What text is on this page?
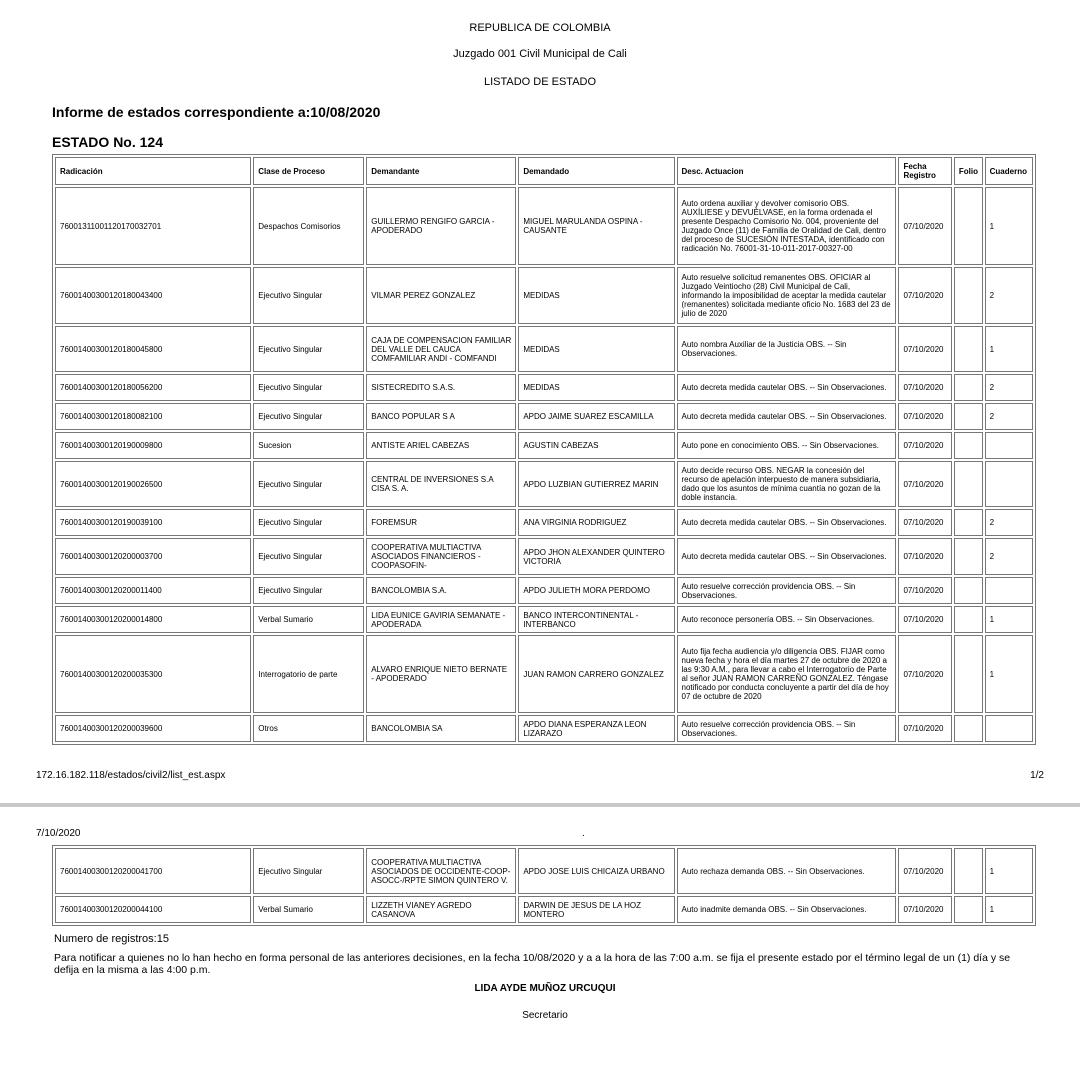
REPUBLICA DE COLOMBIA
Juzgado 001 Civil Municipal de Cali
LISTADO DE ESTADO
Informe de estados correspondiente a:10/08/2020
ESTADO No. 124
Radicación	Clase de Proceso	Demandante	Demandado	Desc. Actuacion	Fecha Registro	Folio	Cuaderno
76001311001120170032701	Despachos Comisorios	GUILLERMO RENGIFO GARCIA - APODERADO	MIGUEL MARULANDA OSPINA - CAUSANTE	Auto ordena auxiliar y devolver comisorio OBS. AUXÍLIESE y DEVUÉLVASE, en la forma ordenada el presente Despacho Comisorio No. 004, proveniente del Juzgado Once (11) de Familia de Oralidad de Cali, dentro del proceso de SUCESIÓN INTESTADA, identificado con radicación No. 76001-31-10-011-2017-00327-00	07/10/2020		1
76001400300120180043400	Ejecutivo Singular	VILMAR PEREZ GONZALEZ	MEDIDAS	Auto resuelve solicitud remanentes OBS. OFICIAR al Juzgado Veintiocho (28) Civil Municipal de Cali, informando la imposibilidad de aceptar la medida cautelar (remanentes) solicitada mediante oficio No. 1683 del 23 de julio de 2020	07/10/2020		2
76001400300120180045800	Ejecutivo Singular	CAJA DE COMPENSACION FAMILIAR DEL VALLE DEL CAUCA COMFAMILIAR ANDI - COMFANDI	MEDIDAS	Auto nombra Auxiliar de la Justicia OBS. -- Sin Observaciones.	07/10/2020		1
76001400300120180056200	Ejecutivo Singular	SISTECREDITO S.A.S.	MEDIDAS	Auto decreta medida cautelar OBS. -- Sin Observaciones.	07/10/2020		2
76001400300120180082100	Ejecutivo Singular	BANCO POPULAR S A	APDO JAIME SUAREZ ESCAMILLA	Auto decreta medida cautelar OBS. -- Sin Observaciones.	07/10/2020		2
76001400300120190009800	Sucesion	ANTISTE ARIEL CABEZAS	AGUSTIN CABEZAS	Auto pone en conocimiento OBS. -- Sin Observaciones.	07/10/2020		
76001400300120190026500	Ejecutivo Singular	CENTRAL DE INVERSIONES S.A CISA S. A.	APDO LUZBIAN GUTIERREZ MARIN	Auto decide recurso OBS. NEGAR la concesión del recurso de apelación interpuesto de manera subsidiaria, dado que los asuntos de mínima cuantía no gozan de la doble instancia.	07/10/2020		
76001400300120190039100	Ejecutivo Singular	FOREMSUR	ANA VIRGINIA RODRIGUEZ	Auto decreta medida cautelar OBS. -- Sin Observaciones.	07/10/2020		2
76001400300120200003700	Ejecutivo Singular	COOPERATIVA MULTIACTIVA ASOCIADOS FINANCIEROS - COOPASOFIN-	APDO JHON ALEXANDER QUINTERO VICTORIA	Auto decreta medida cautelar OBS. -- Sin Observaciones.	07/10/2020		2
76001400300120200011400	Ejecutivo Singular	BANCOLOMBIA S.A.	APDO JULIETH MORA PERDOMO	Auto resuelve corrección providencia OBS. -- Sin Observaciones.	07/10/2020		
76001400300120200014800	Verbal Sumario	LIDA EUNICE GAVIRIA SEMANATE - APODERADA	BANCO INTERCONTINENTAL - INTERBANCO	Auto reconoce personería OBS. -- Sin Observaciones.	07/10/2020		1
76001400300120200035300	Interrogatorio de parte	ALVARO ENRIQUE NIETO BERNATE - APODERADO	JUAN RAMON CARRERO GONZALEZ	Auto fija fecha audiencia y/o diligencia OBS. FIJAR como nueva fecha y hora el día martes 27 de octubre de 2020 a las 9:30 A.M., para llevar a cabo el Interrogatorio de Parte al señor JUAN RAMON CARREÑO GONZALEZ. Téngase notificado por conducta concluyente a partir del día de hoy 07 de octubre de 2020	07/10/2020		1
76001400300120200039600	Otros	BANCOLOMBIA SA	APDO DIANA ESPERANZA LEON LIZARAZO	Auto resuelve corrección providencia OBS. -- Sin Observaciones.	07/10/2020		
172.16.182.118/estados/civil2/list_est.aspx	1/2
7/10/2020	.
76001400300120200041700	Ejecutivo Singular	COOPERATIVA MULTIACTIVA ASOCIADOS DE OCCIDENTE-COOP-ASOCC-/RPTE SIMON QUINTERO V.	APDO JOSE LUIS CHICAIZA URBANO	Auto rechaza demanda OBS. -- Sin Observaciones.	07/10/2020		1
76001400300120200044100	Verbal Sumario	LIZZETH VIANEY AGREDO CASANOVA	DARWIN DE JESUS DE LA HOZ MONTERO	Auto inadmite demanda OBS. -- Sin Observaciones.	07/10/2020		1
Numero de registros:15
Para notificar a quienes no lo han hecho en forma personal de las anteriores decisiones, en la fecha 10/08/2020 y a a la hora de las 7:00 a.m. se fija el presente estado por el término legal de un (1) día y se defija en la misma a las 4:00 p.m.
LIDA AYDE MUÑOZ URCUQUI
Secretario
